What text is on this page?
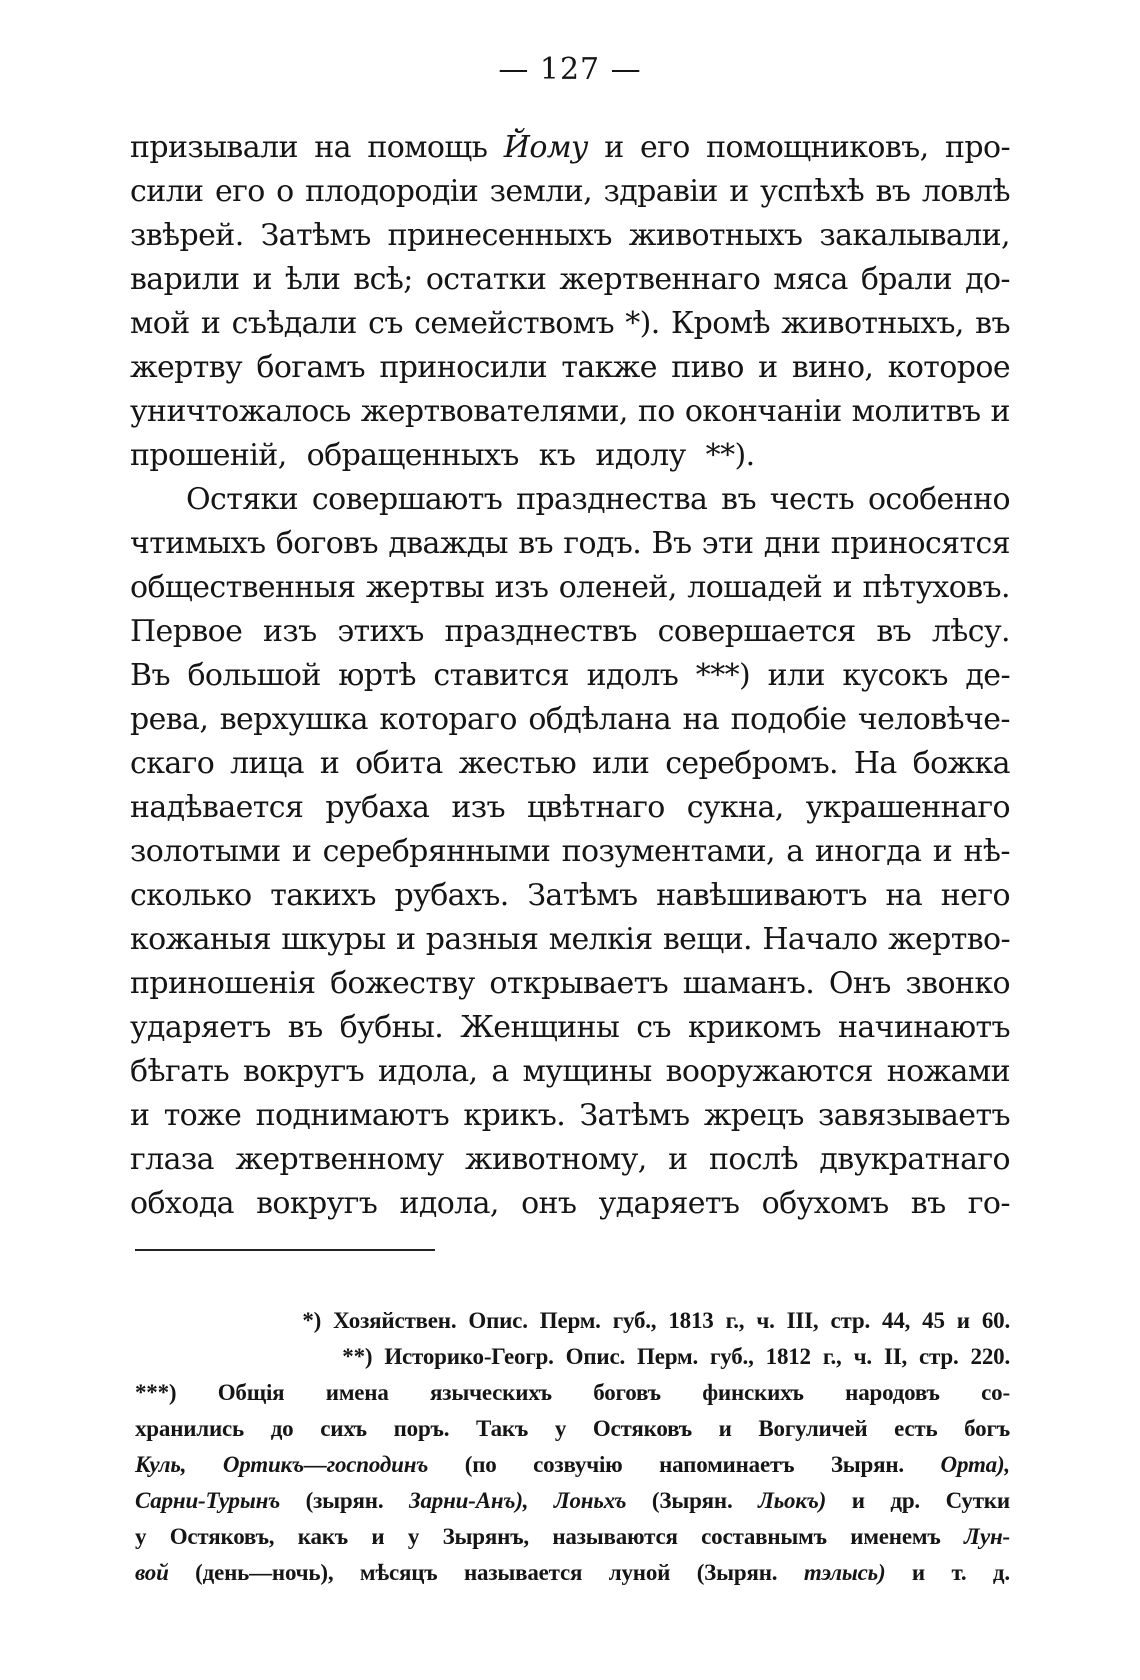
— 127 —
призывали на помощь Йому и его помощниковъ, про-
сили его о плодородіи земли, здравіи и успѣхѣ въ ловлѣ
звѣрей. Затѣмъ принесенныхъ животныхъ закалывали,
варили и ѣли всѣ; остатки жертвеннаго мяса брали до-
мой и съѣдали съ семействомъ *). Кромѣ животныхъ, въ
жертву богамъ приносили также пиво и вино, которое
уничтожалось жертвователями, по окончаніи молитвъ и
прошеній, обращенныхъ къ идолу **).
Остяки совершаютъ празднества въ честь особенно
чтимыхъ боговъ дважды въ годъ. Въ эти дни приносятся
общественныя жертвы изъ оленей, лошадей и пѣтуховъ.
Первое изъ этихъ празднествъ совершается въ лѣсу.
Въ большой юртѣ ставится идолъ ***) или кусокъ де-
рева, верхушка котораго обдѣлана на подобіе человѣче-
скаго лица и обита жестью или серебромъ. На божка
надѣвается рубаха изъ цвѣтнаго сукна, украшеннаго
золотыми и серебрянными позументами, а иногда и нѣ-
сколько такихъ рубахъ. Затѣмъ навѣшиваютъ на него
кожаныя шкуры и разныя мелкія вещи. Начало жертво-
приношенія божеству открываетъ шаманъ. Онъ звонко
ударяетъ въ бубны. Женщины съ крикомъ начинаютъ
бѣгать вокругъ идола, а мущины вооружаются ножами
и тоже поднимаютъ крикъ. Затѣмъ жрецъ завязываетъ
глаза жертвенному животному, и послѣ двукратнаго
обхода вокругъ идола, онъ ударяетъ обухомъ въ го-
*) Хозяйствен. Опис. Перм. губ., 1813 г., ч. III, стр. 44, 45 и 60.
**) Историко-Геогр. Опис. Перм. губ., 1812 г., ч. II, стр. 220.
***) Общія имена языческихъ боговъ финскихъ народовъ со-
хранились до сихъ поръ. Такъ у Остяковъ и Вогуличей есть богъ
Куль, Ортикъ—господинъ (по созвучію напоминаетъ Зырян. Орта),
Сарни-Турынъ (зырян. Зарни-Анъ), Лоньхъ (Зырян. Льокъ) и др. Сутки
у Остяковъ, какъ и у Зырянъ, называются составнымъ именемъ Лун-
вой (день—ночь), мѣсяцъ называется луной (Зырян. тэлысь) и т. д.
